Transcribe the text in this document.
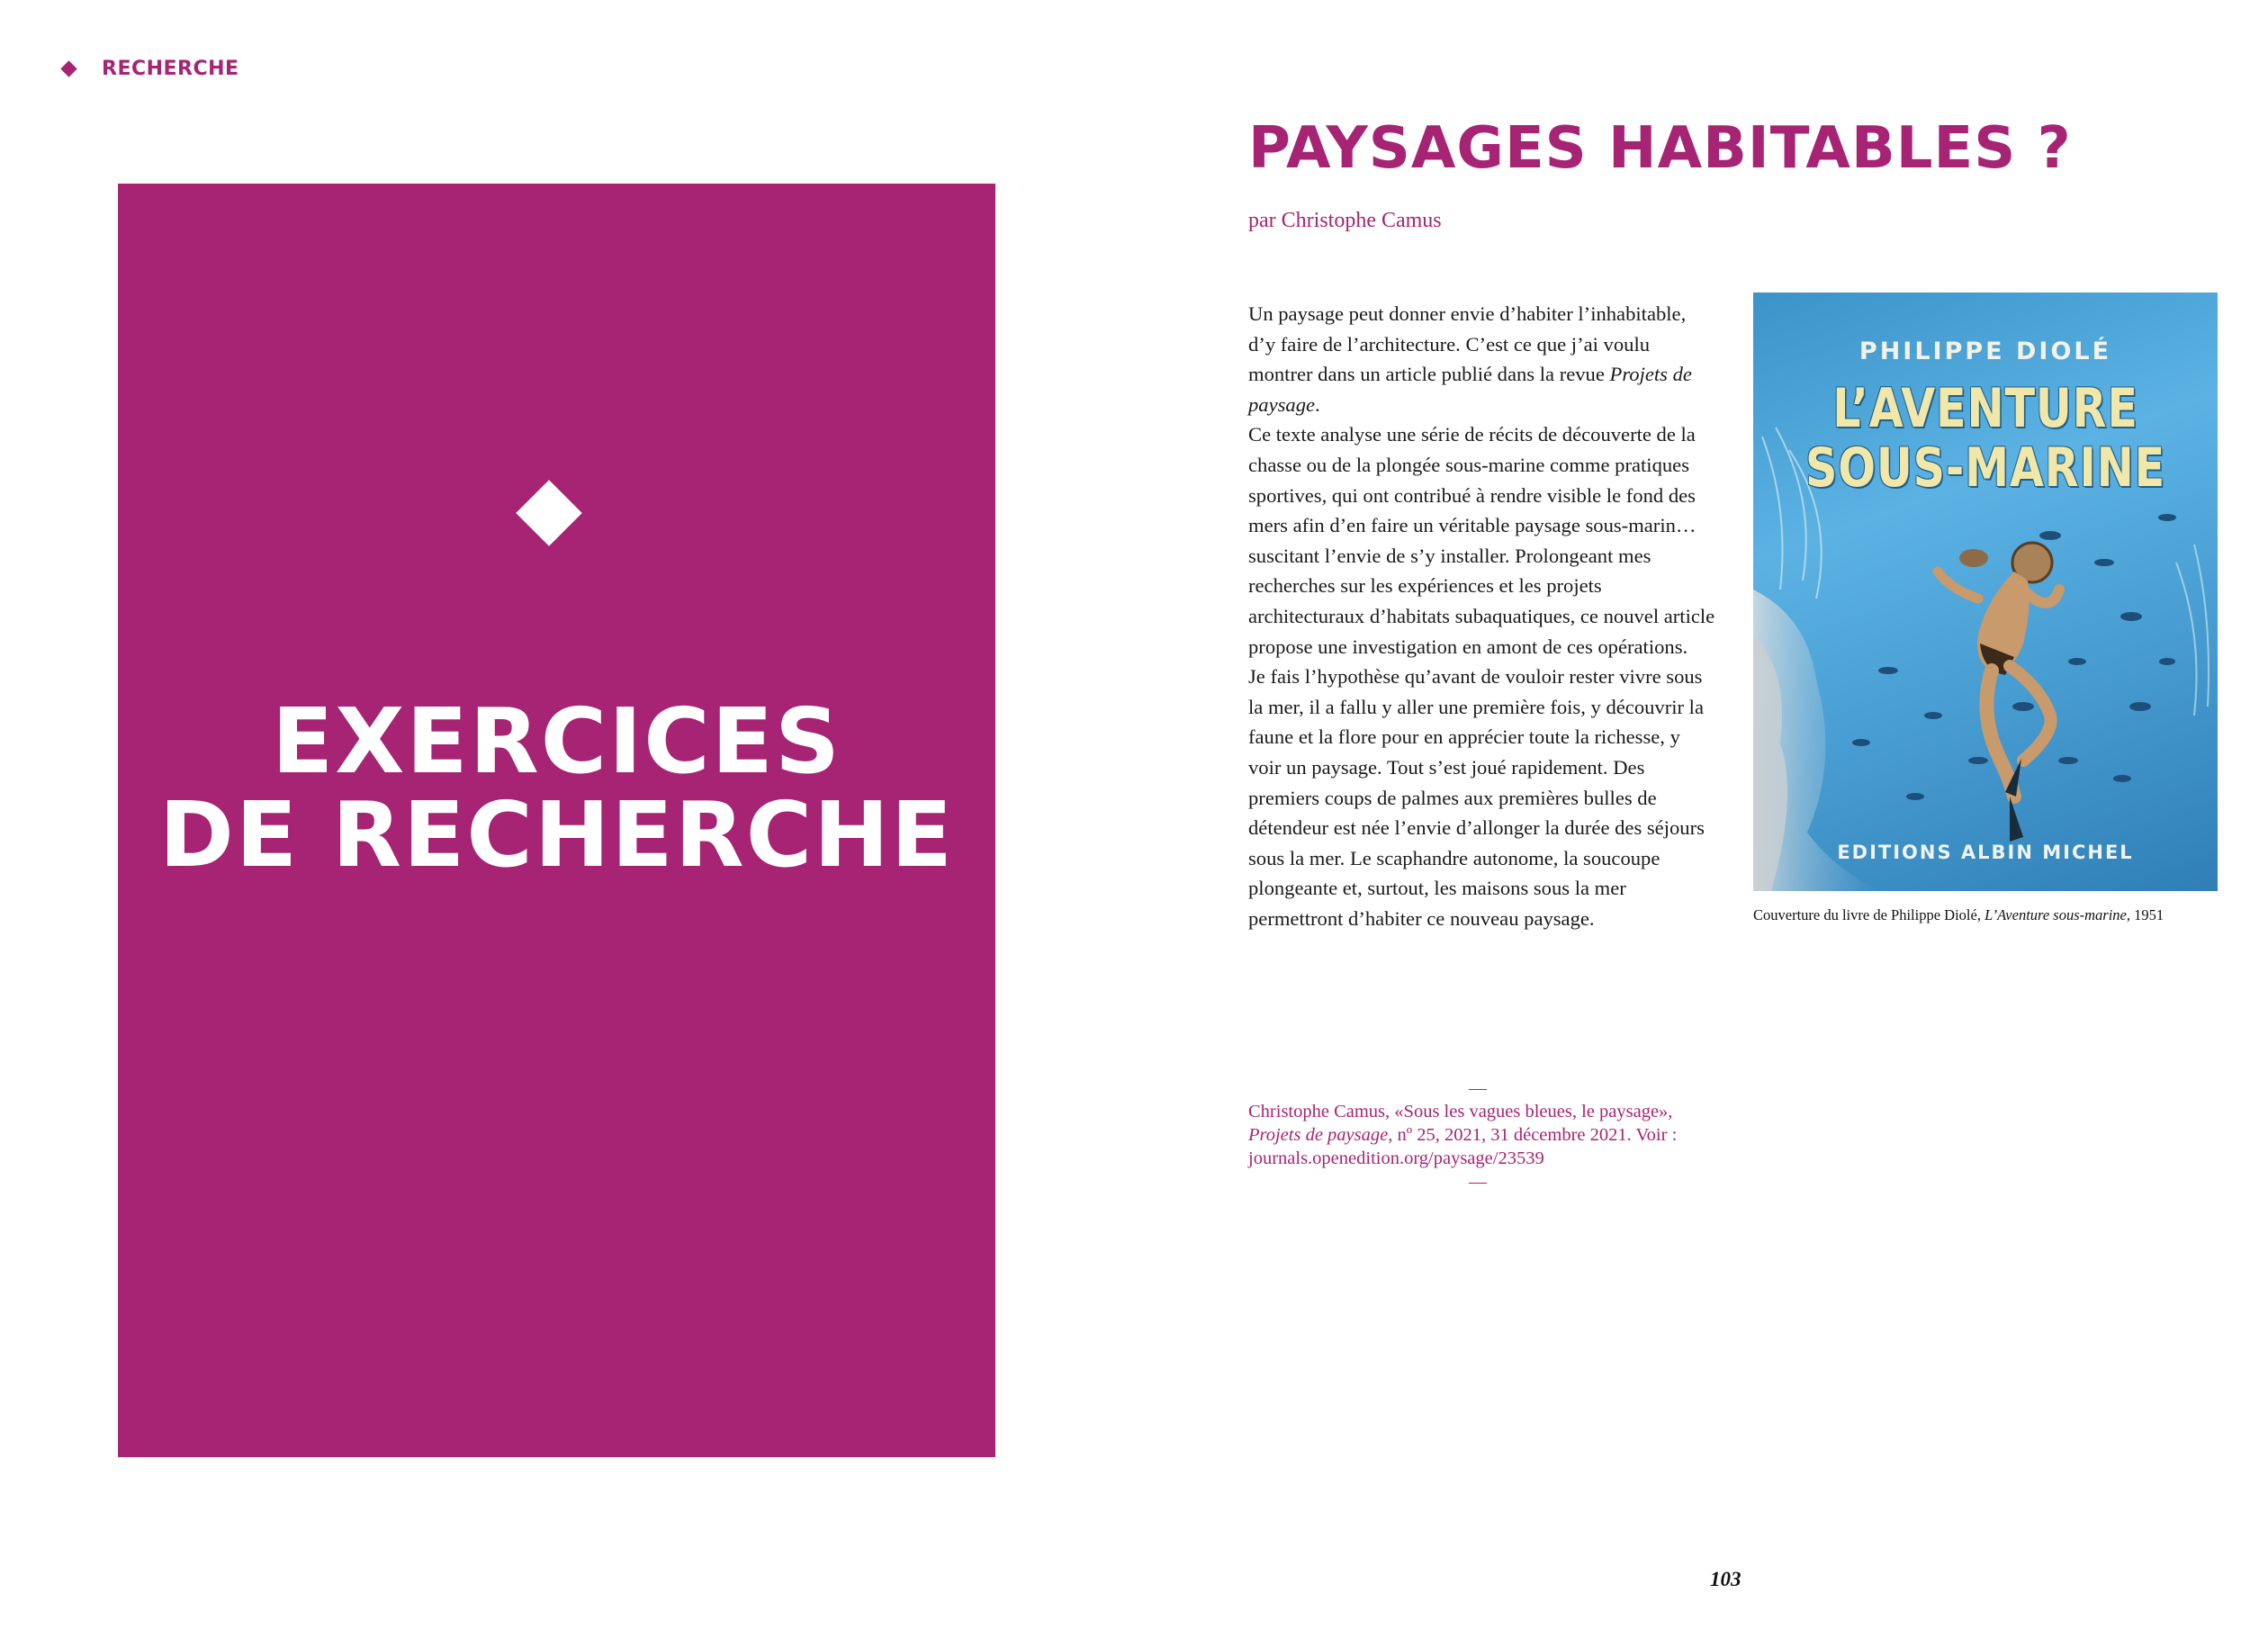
RECHERCHE
EXERCICES
DE RECHERCHE
PAYSAGES HABITABLES ?
par Christophe Camus

Un paysage peut donner envie d’habiter l’inhabitable, d’y faire de l’architecture. C’est ce que j’ai voulu montrer dans un article publié dans la revue Projets de paysage.

Ce texte analyse une série de récits de découverte de la chasse ou de la plongée sous-marine comme pratiques sportives, qui ont contribué à rendre visible le fond des mers afin d’en faire un véritable paysage sous-marin… suscitant l’envie de s’y installer. Prolongeant mes recherches sur les expériences et les projets architecturaux d’habitats subaquatiques, ce nouvel article propose une investigation en amont de ces opérations.

Je fais l’hypothèse qu’avant de vouloir rester vivre sous la mer, il a fallu y aller une première fois, y découvrir la faune et la flore pour en apprécier toute la richesse, y voir un paysage. Tout s’est joué rapidement. Des premiers coups de palmes aux premières bulles de détendeur est née l’envie d’allonger la durée des séjours sous la mer. Le scaphandre autonome, la soucoupe plongeante et, surtout, les maisons sous la mer permettront d’habiter ce nouveau paysage.

—
Christophe Camus, «Sous les vagues bleues, le paysage», Projets de paysage, nº 25, 2021, 31 décembre 2021. Voir : journals.openedition.org/paysage/23539
—
PHILIPPE DIOLÉ
L’AVENTURE
SOUS-MARINE
EDITIONS ALBIN MICHEL
Couverture du livre de Philippe Diolé, L’Aventure sous-marine, 1951
103
